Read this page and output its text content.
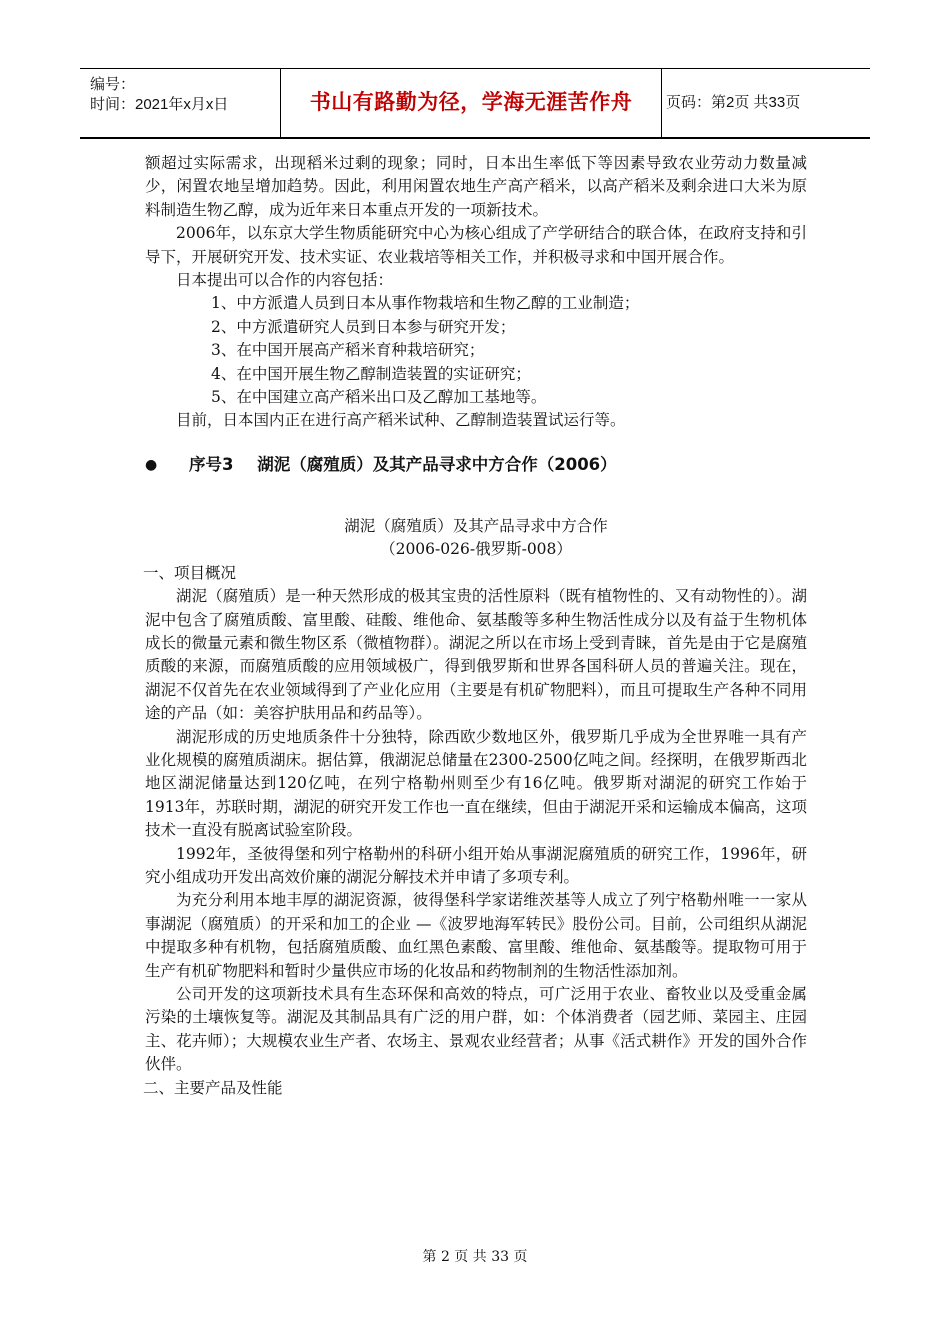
编号：
时间：2021年x月x日	书山有路勤为径，学海无涯苦作舟	页码：第2页 共33页

额超过实际需求，出现稻米过剩的现象；同时，日本出生率低下等因素导致农业劳动力数量减少，闲置农地呈增加趋势。因此，利用闲置农地生产高产稻米，以高产稻米及剩余进口大米为原料制造生物乙醇，成为近年来日本重点开发的一项新技术。

2006年，以东京大学生物质能研究中心为核心组成了产学研结合的联合体，在政府支持和引导下，开展研究开发、技术实证、农业栽培等相关工作，并积极寻求和中国开展合作。

日本提出可以合作的内容包括：

1、中方派遣人员到日本从事作物栽培和生物乙醇的工业制造；

2、中方派遣研究人员到日本参与研究开发；

3、在中国开展高产稻米育种栽培研究；

4、在中国开展生物乙醇制造装置的实证研究；

5、在中国建立高产稻米出口及乙醇加工基地等。

目前，日本国内正在进行高产稻米试种、乙醇制造装置试运行等。

● 序号3 湖泥（腐殖质）及其产品寻求中方合作（2006）

湖泥（腐殖质）及其产品寻求中方合作

（2006-026-俄罗斯-008）

一、项目概况

湖泥（腐殖质）是一种天然形成的极其宝贵的活性原料（既有植物性的、又有动物性的）。湖泥中包含了腐殖质酸、富里酸、硅酸、维他命、氨基酸等多种生物活性成分以及有益于生物机体成长的微量元素和微生物区系（微植物群）。湖泥之所以在市场上受到青睐，首先是由于它是腐殖质酸的来源，而腐殖质酸的应用领域极广，得到俄罗斯和世界各国科研人员的普遍关注。现在，湖泥不仅首先在农业领域得到了产业化应用（主要是有机矿物肥料），而且可提取生产各种不同用途的产品（如：美容护肤用品和药品等）。

湖泥形成的历史地质条件十分独特，除西欧少数地区外，俄罗斯几乎成为全世界唯一具有产业化规模的腐殖质湖床。据估算，俄湖泥总储量在2300-2500亿吨之间。经探明，在俄罗斯西北地区湖泥储量达到120亿吨，在列宁格勒州则至少有16亿吨。俄罗斯对湖泥的研究工作始于1913年，苏联时期，湖泥的研究开发工作也一直在继续，但由于湖泥开采和运输成本偏高，这项技术一直没有脱离试验室阶段。

1992年，圣彼得堡和列宁格勒州的科研小组开始从事湖泥腐殖质的研究工作，1996年，研究小组成功开发出高效价廉的湖泥分解技术并申请了多项专利。

为充分利用本地丰厚的湖泥资源，彼得堡科学家诺维茨基等人成立了列宁格勒州唯一一家从事湖泥（腐殖质）的开采和加工的企业 —《波罗地海军转民》股份公司。目前，公司组织从湖泥中提取多种有机物，包括腐殖质酸、血红黑色素酸、富里酸、维他命、氨基酸等。提取物可用于生产有机矿物肥料和暂时少量供应市场的化妆品和药物制剂的生物活性添加剂。

公司开发的这项新技术具有生态环保和高效的特点，可广泛用于农业、畜牧业以及受重金属污染的土壤恢复等。湖泥及其制品具有广泛的用户群，如：个体消费者（园艺师、菜园主、庄园主、花卉师）；大规模农业生产者、农场主、景观农业经营者；从事《活式耕作》开发的国外合作伙伴。

二、主要产品及性能

第 2 页 共 33 页
